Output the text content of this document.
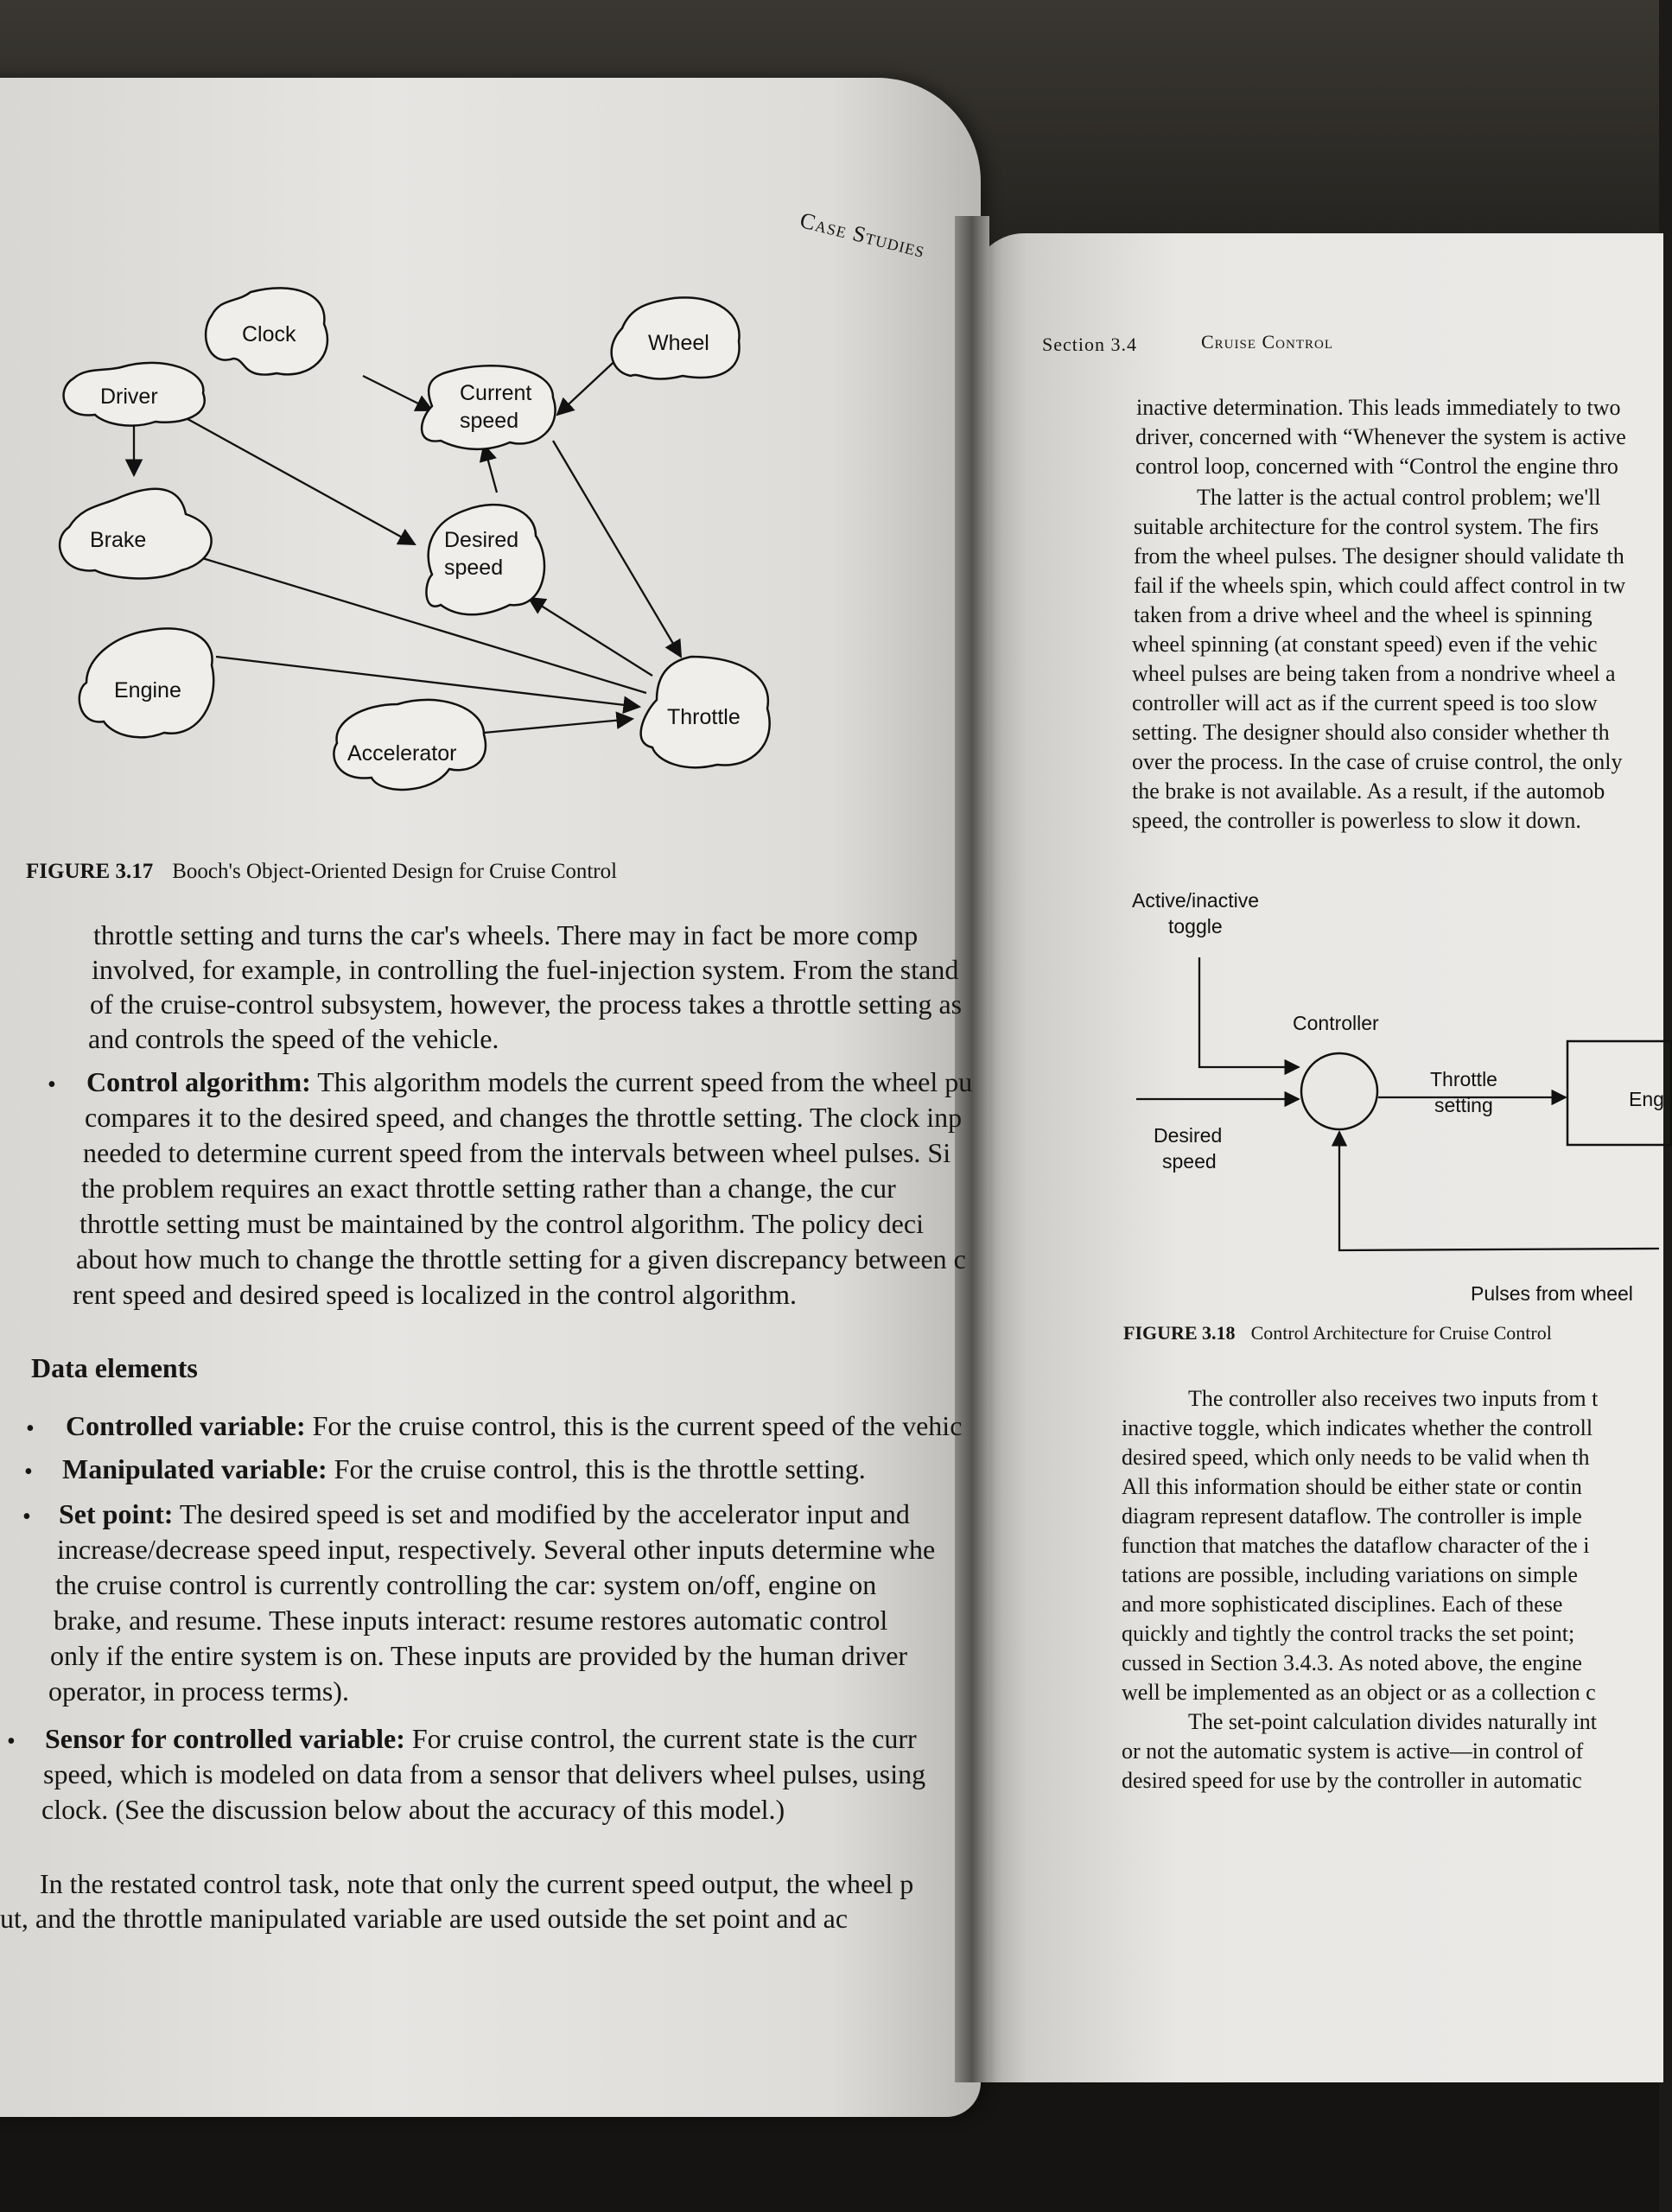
Case Studies
Clock	Wheel
Driver	Current speed
Brake	Desired speed
Engine
Throttle
Accelerator
FIGURE 3.17 Booch's Object-Oriented Design for Cruise Control
throttle setting and turns the car's wheels. There may in fact be more comp
involved, for example, in controlling the fuel-injection system. From the stand
of the cruise-control subsystem, however, the process takes a throttle setting as
and controls the speed of the vehicle.
• Control algorithm: This algorithm models the current speed from the wheel pu
compares it to the desired speed, and changes the throttle setting. The clock inp
needed to determine current speed from the intervals between wheel pulses. Si
the problem requires an exact throttle setting rather than a change, the cur
throttle setting must be maintained by the control algorithm. The policy deci
about how much to change the throttle setting for a given discrepancy between c
rent speed and desired speed is localized in the control algorithm.
Data elements
• Controlled variable: For the cruise control, this is the current speed of the vehic
• Manipulated variable: For the cruise control, this is the throttle setting.
• Set point: The desired speed is set and modified by the accelerator input and
increase/decrease speed input, respectively. Several other inputs determine whe
the cruise control is currently controlling the car: system on/off, engine on
brake, and resume. These inputs interact: resume restores automatic control
only if the entire system is on. These inputs are provided by the human driver
operator, in process terms).
• Sensor for controlled variable: For cruise control, the current state is the curr
speed, which is modeled on data from a sensor that delivers wheel pulses, using
clock. (See the discussion below about the accuracy of this model.)
In the restated control task, note that only the current speed output, the wheel p
ut, and the throttle manipulated variable are used outside the set point and ac
Section 3.4	Cruise Control
inactive determination. This leads immediately to two
driver, concerned with “Whenever the system is active
control loop, concerned with “Control the engine thro
The latter is the actual control problem; we'll
suitable architecture for the control system. The firs
from the wheel pulses. The designer should validate th
fail if the wheels spin, which could affect control in tw
taken from a drive wheel and the wheel is spinning
wheel spinning (at constant speed) even if the vehic
wheel pulses are being taken from a nondrive wheel a
controller will act as if the current speed is too slow
setting. The designer should also consider whether th
over the process. In the case of cruise control, the only
the brake is not available. As a result, if the automob
speed, the controller is powerless to slow it down.
Active/inactive
toggle
Controller
Throttle
setting	Eng
Desired
speed
Pulses from wheel
FIGURE 3.18 Control Architecture for Cruise Control
The controller also receives two inputs from t
inactive toggle, which indicates whether the controll
desired speed, which only needs to be valid when th
All this information should be either state or contin
diagram represent dataflow. The controller is imple
function that matches the dataflow character of the i
tations are possible, including variations on simple
and more sophisticated disciplines. Each of these
quickly and tightly the control tracks the set point;
cussed in Section 3.4.3. As noted above, the engine
well be implemented as an object or as a collection c
The set-point calculation divides naturally int
or not the automatic system is active—in control of
desired speed for use by the controller in automatic
